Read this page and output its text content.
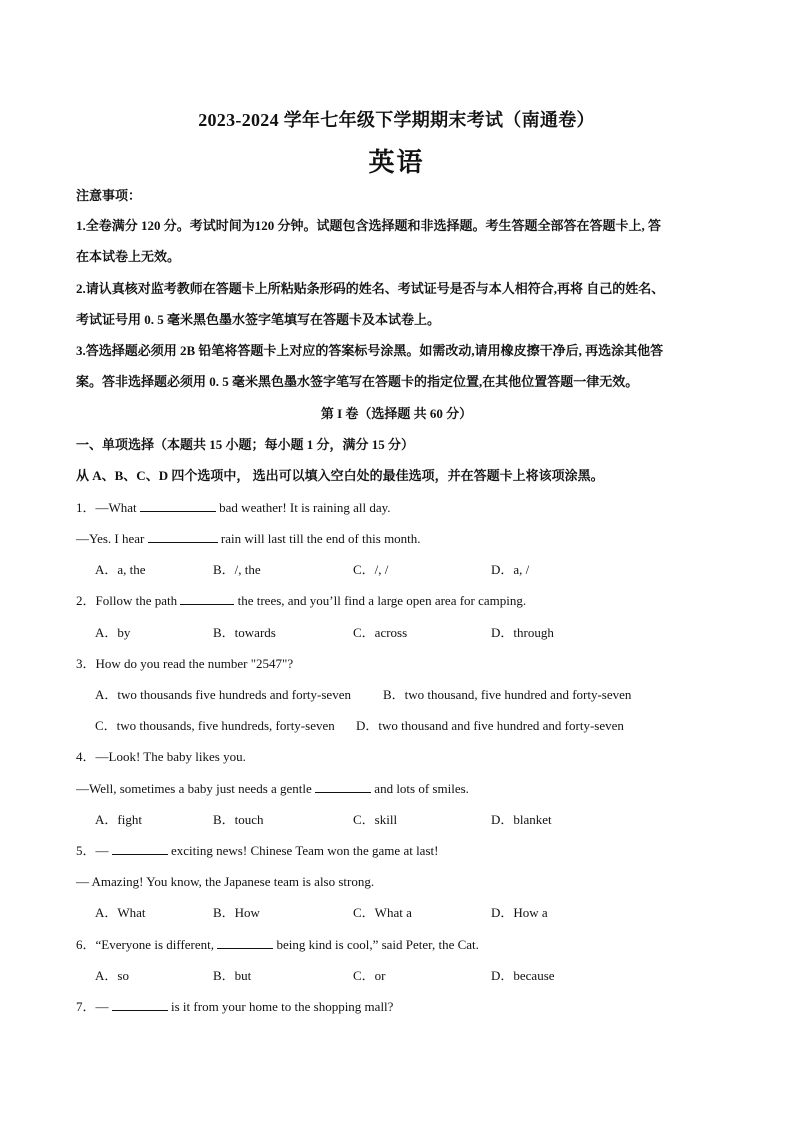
2023-2024 学年七年级下学期期末考试（南通卷）
英语
注意事项：
1.全卷满分 120 分。考试时间为120 分钟。试题包含选择题和非选择题。考生答题全部答在答题卡上, 答
在本试卷上无效。
2.请认真核对监考教师在答题卡上所粘贴条形码的姓名、考试证号是否与本人相符合,再将 自己的姓名、
考试证号用 0. 5 毫米黑色墨水签字笔填写在答题卡及本试卷上。
3.答选择题必须用 2B 铅笔将答题卡上对应的答案标号涂黑。如需改动,请用橡皮擦干净后, 再选涂其他答
案。答非选择题必须用 0. 5 毫米黑色墨水签字笔写在答题卡的指定位置,在其他位置答题一律无效。
第 I 卷（选择题 共 60 分）
一、单项选择（本题共 15 小题；每小题 1 分，满分 15 分）
从 A、B、C、D 四个选项中， 选出可以填入空白处的最佳选项，并在答题卡上将该项涂黑。
1．—What	bad weather! It is raining all day.
—Yes. I hear	rain will last till the end of this month.
A．a, the	B．/, the	C．/, /	D．a, /
2．Follow the path	the trees, and you’ll find a large open area for camping.
A．by	B．towards	C．across	D．through
3．How do you read the number "2547"?
A．two thousands five hundreds and forty-seven B．two thousand, five hundred and forty-seven
C．two thousands, five hundreds, forty-seven D．two thousand and five hundred and forty-seven
4．—Look! The baby likes you.
—Well, sometimes a baby just needs a gentle	and lots of smiles.
A．fight	B．touch	C．skill	D．blanket
5．—	exciting news! Chinese Team won the game at last!
— Amazing! You know, the Japanese team is also strong.
A．What	B．How	C．What a	D．How a
6．“Everyone is different,	being kind is cool,” said Peter, the Cat.
A．so	B．but	C．or	D．because
7．—	is it from your home to the shopping mall?
